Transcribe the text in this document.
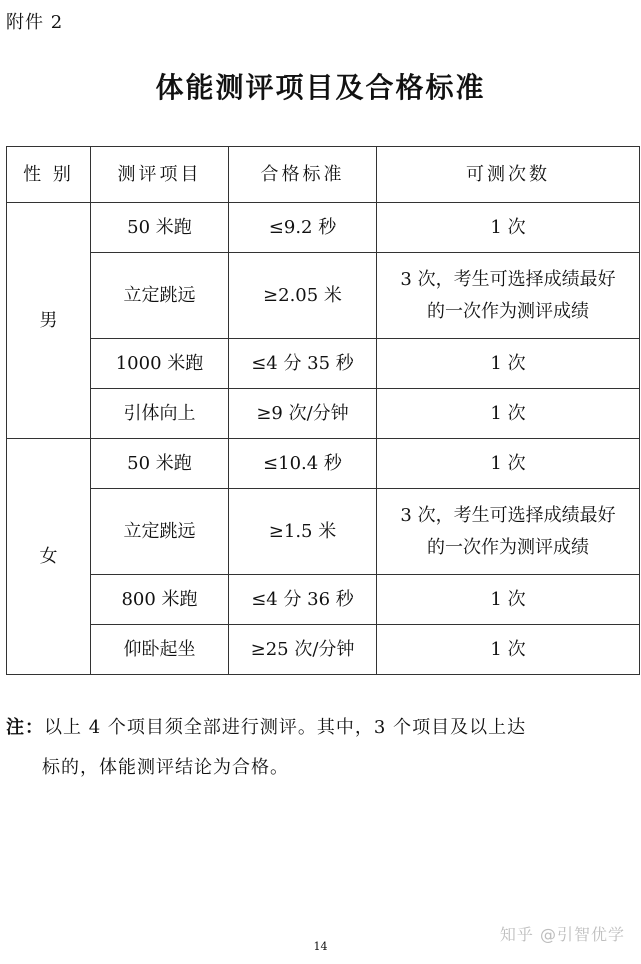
附件 2
体能测评项目及合格标准
性 别	测评项目	合格标准	可测次数
男	50 米跑	≤9.2 秒	1 次
	立定跳远	≥2.05 米	3 次，考生可选择成绩最好
的一次作为测评成绩

	1000 米跑	≤4 分 35 秒	1 次
	引体向上	≥9 次/分钟	1 次
女	50 米跑	≤10.4 秒	1 次
	立定跳远	≥1.5 米	3 次，考生可选择成绩最好
的一次作为测评成绩

	800 米跑	≤4 分 36 秒	1 次
	仰卧起坐	≥25 次/分钟	1 次
注：以上 4 个项目须全部进行测评。其中，3 个项目及以上达
标的，体能测评结论为合格。
知乎 @引智优学
14
